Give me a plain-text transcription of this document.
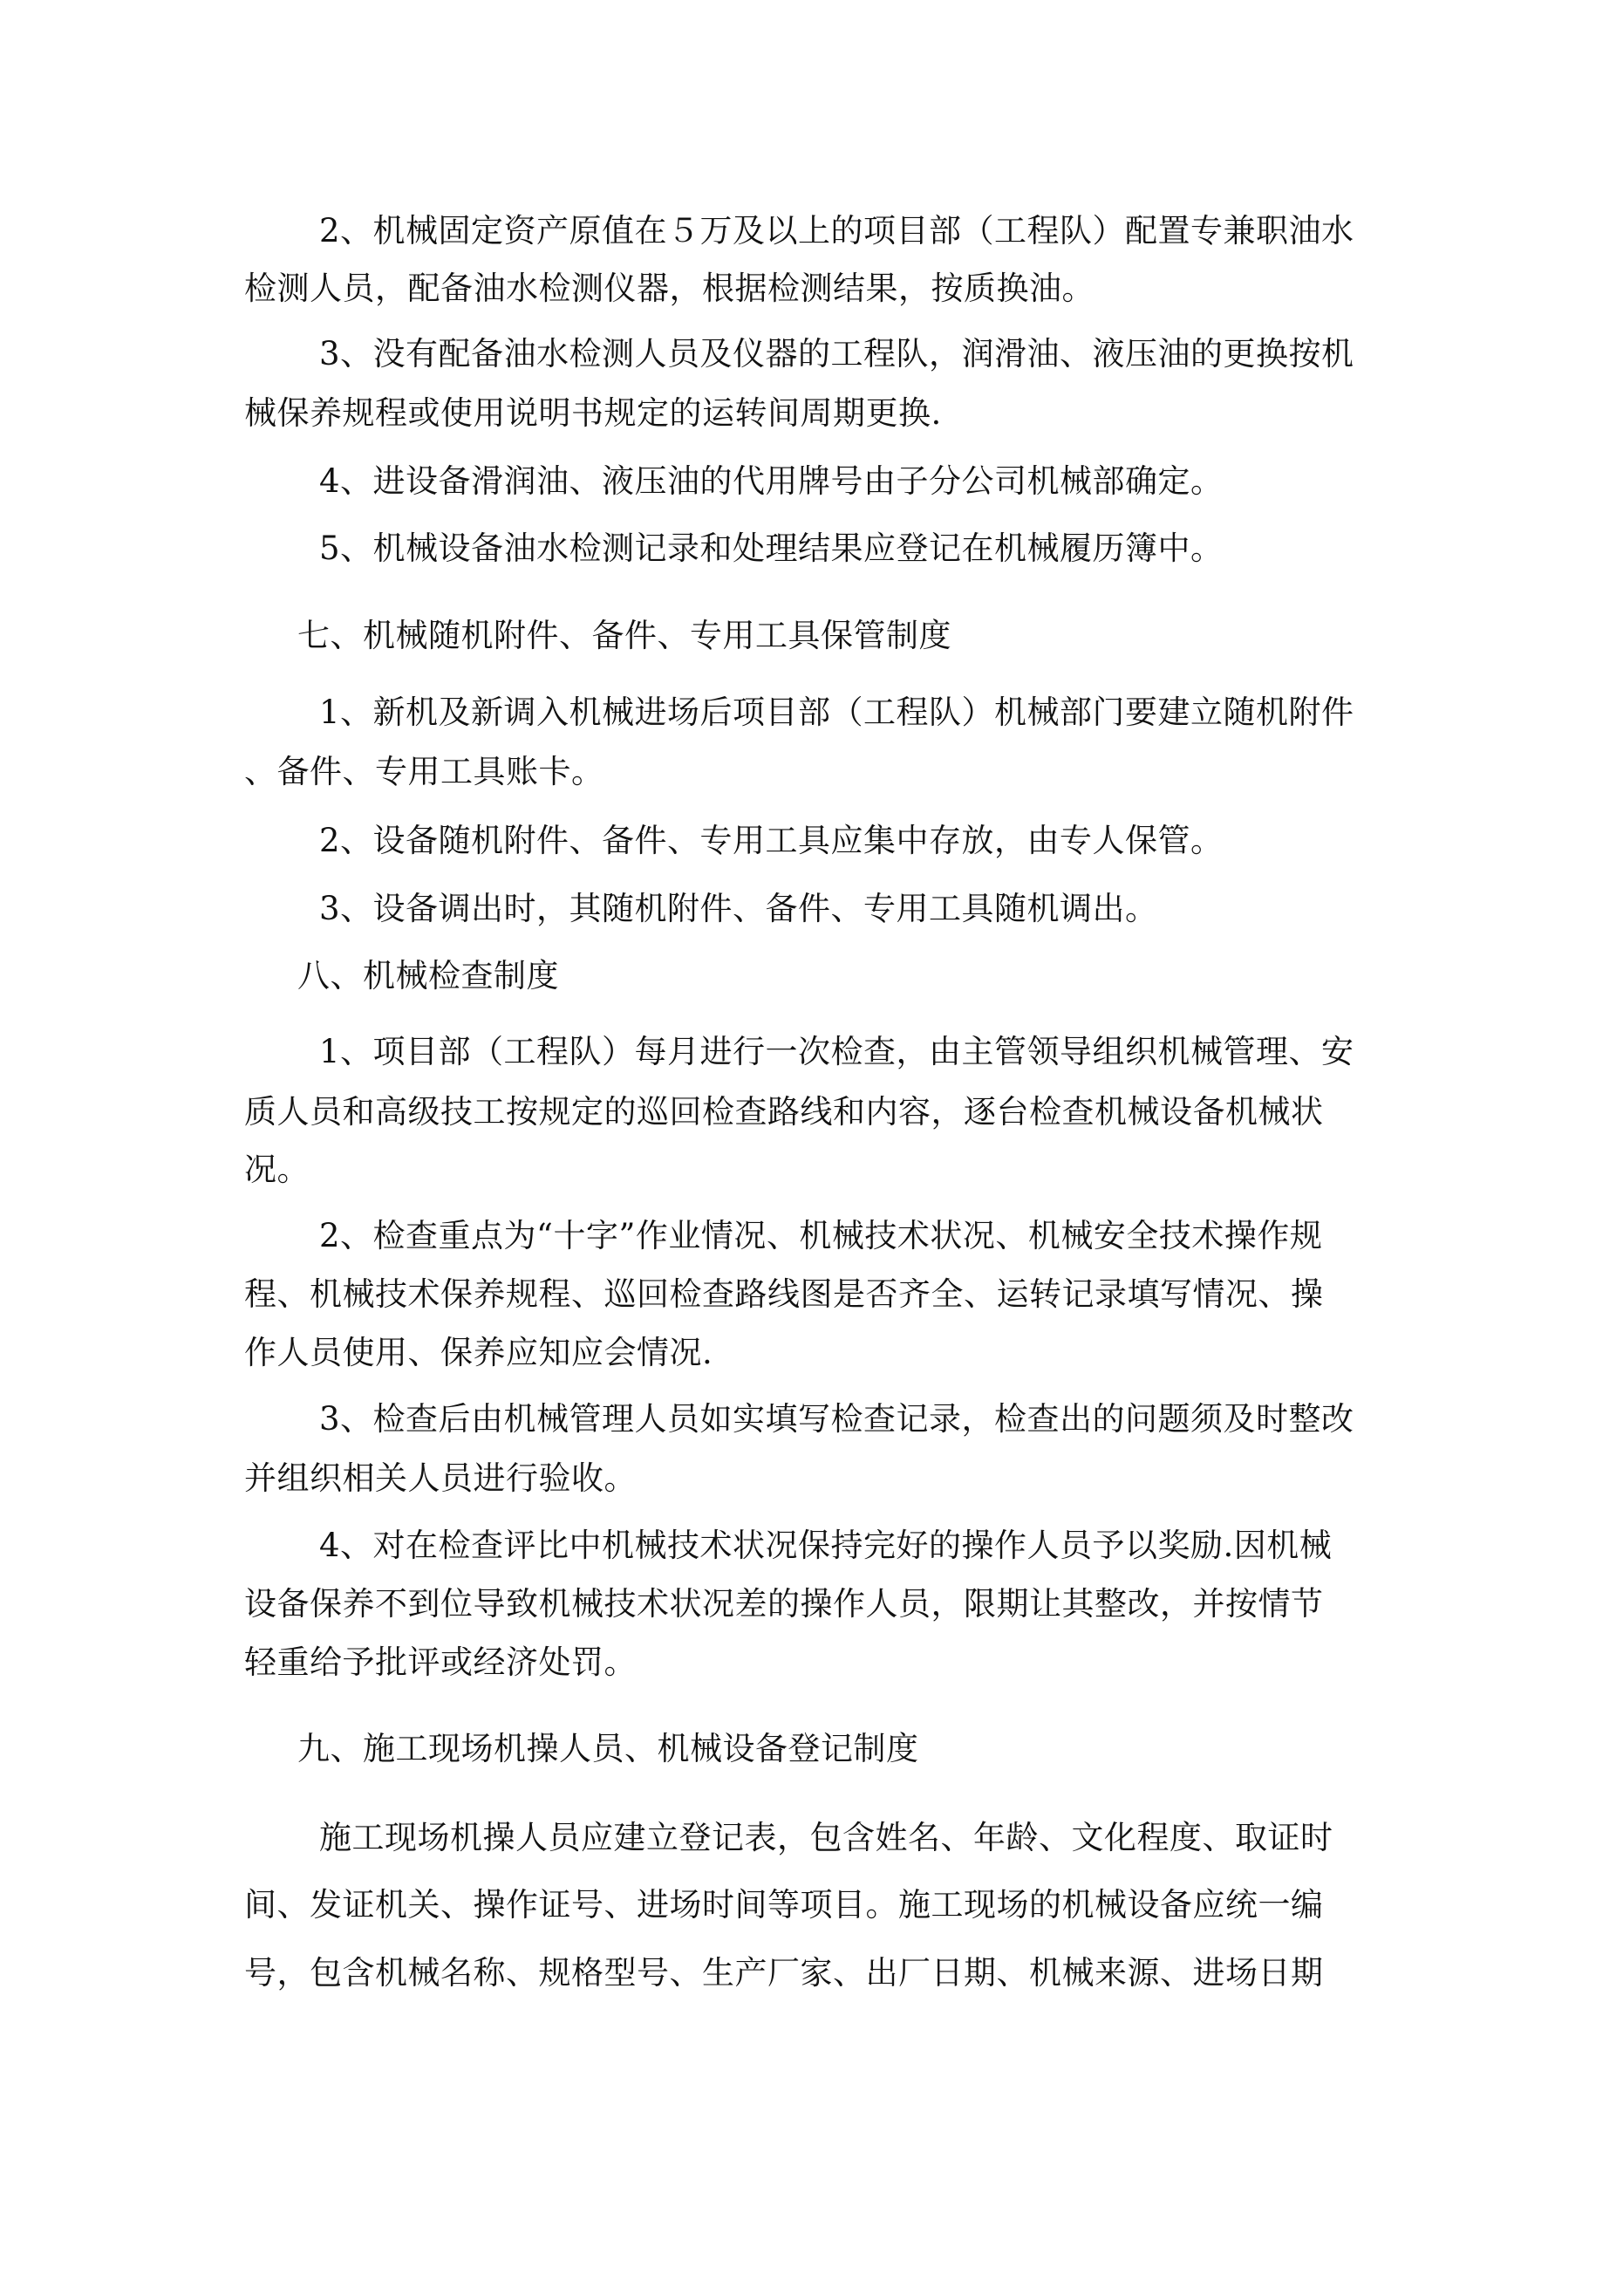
2、机械固定资产原值在５万及以上的项目部（工程队）配置专兼职油水
检测人员，配备油水检测仪器，根据检测结果，按质换油。
3、没有配备油水检测人员及仪器的工程队，润滑油、液压油的更换按机
械保养规程或使用说明书规定的运转间周期更换.
4、进设备滑润油、液压油的代用牌号由子分公司机械部确定。
5、机械设备油水检测记录和处理结果应登记在机械履历簿中。
七、机械随机附件、备件、专用工具保管制度
1、新机及新调入机械进场后项目部（工程队）机械部门要建立随机附件
、备件、专用工具账卡。
2、设备随机附件、备件、专用工具应集中存放，由专人保管。
3、设备调出时，其随机附件、备件、专用工具随机调出。
八、机械检查制度
1、项目部（工程队）每月进行一次检查，由主管领导组织机械管理、安
质人员和高级技工按规定的巡回检查路线和内容，逐台检查机械设备机械状
况。
2、检查重点为“十字”作业情况、机械技术状况、机械安全技术操作规
程、机械技术保养规程、巡回检查路线图是否齐全、运转记录填写情况、操
作人员使用、保养应知应会情况.
3、检查后由机械管理人员如实填写检查记录，检查出的问题须及时整改
并组织相关人员进行验收。
4、对在检查评比中机械技术状况保持完好的操作人员予以奖励.因机械
设备保养不到位导致机械技术状况差的操作人员，限期让其整改，并按情节
轻重给予批评或经济处罚。
九、施工现场机操人员、机械设备登记制度
施工现场机操人员应建立登记表，包含姓名、年龄、文化程度、取证时
间、发证机关、操作证号、进场时间等项目。施工现场的机械设备应统一编
号，包含机械名称、规格型号、生产厂家、出厂日期、机械来源、进场日期
